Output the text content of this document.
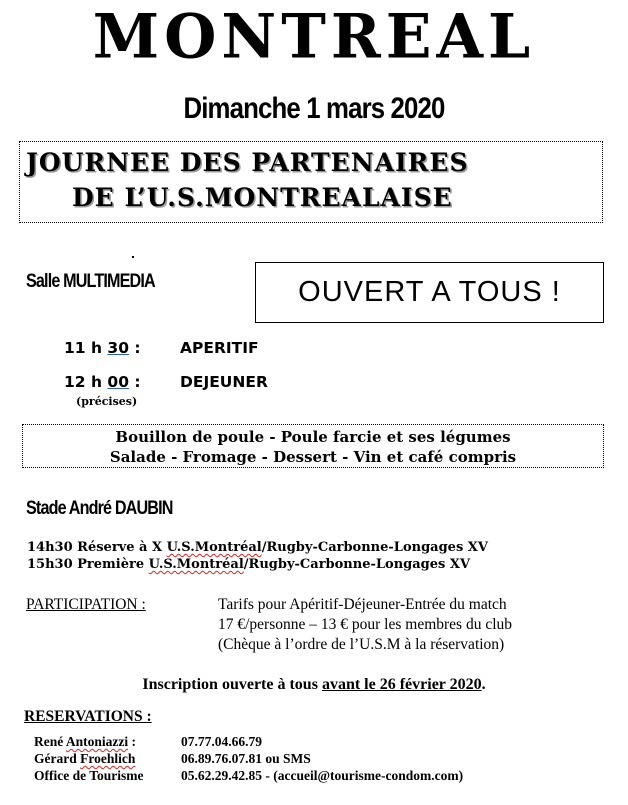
MONTREAL
Dimanche 1 mars 2020
JOURNEE DES PARTENAIRES
DE L’U.S.MONTREALAISE
Salle MULTIMEDIA	OUVERT A TOUS !
11 h 30 :	APERITIF
12 h 00 :	DEJEUNER
(précises)
Bouillon de poule - Poule farcie et ses légumes
Salade - Fromage - Dessert - Vin et café compris
Stade André DAUBIN
14h30 Réserve à X U.S.Montréal/Rugby-Carbonne-Longages XV
15h30 Première U.S.Montréal/Rugby-Carbonne-Longages XV
PARTICIPATION :	Tarifs pour Apéritif-Déjeuner-Entrée du match
17 €/personne – 13 € pour les membres du club
(Chèque à l’ordre de l’U.S.M à la réservation)
Inscription ouverte à tous avant le 26 février 2020.
RESERVATIONS :
René Antoniazzi :	07.77.04.66.79
Gérard Froehlich	06.89.76.07.81 ou SMS
Office de Tourisme	05.62.29.42.85 - (accueil@tourisme-condom.com)
